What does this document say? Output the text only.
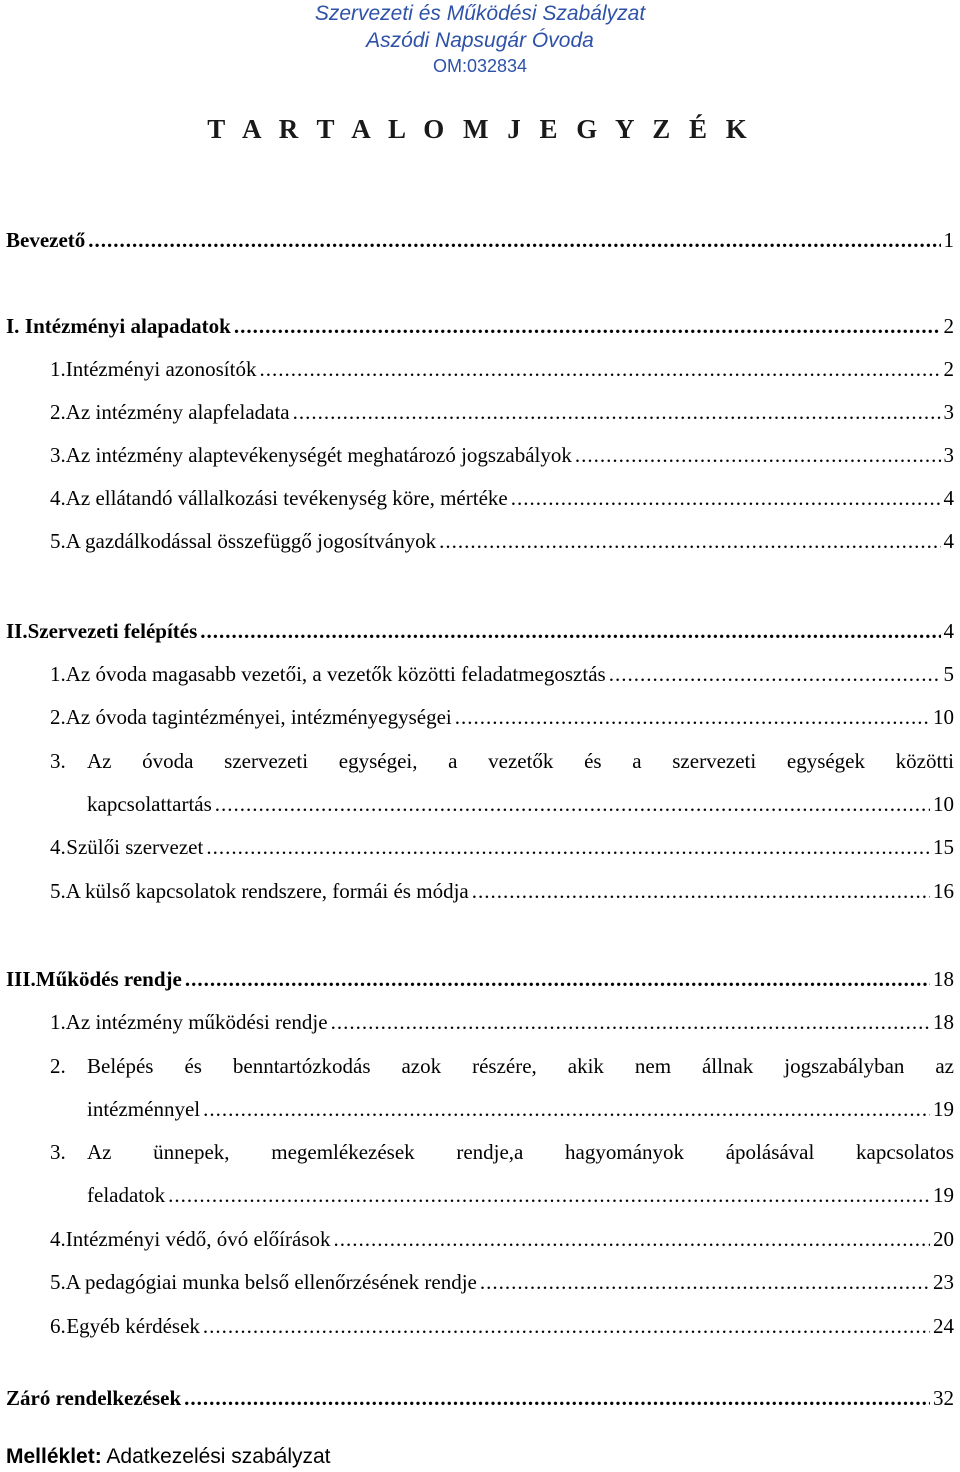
Szervezeti és Működési Szabályzat
Aszódi Napsugár Óvoda
OM:032834
T A R T A L O M J E G Y Z É K
Bevezető .....	1
I. Intézményi alapadatok .....	2
1. Intézményi azonosítók .....	2
2. Az intézmény alapfeladata .....	3
3. Az intézmény alaptevékenységét meghatározó jogszabályok .....	3
4. Az ellátandó vállalkozási tevékenység köre, mértéke .....	4
5. A gazdálkodással összefüggő jogosítványok .....	4
II. Szervezeti felépítés .....	4
1. Az óvoda magasabb vezetői, a vezetők közötti feladatmegosztás .....	5
2. Az óvoda tagintézményei, intézményegységei .....	10
3.	Az óvoda szervezeti egységei, a vezetők és a szervezeti egységek közötti
kapcsolattartás .....	10
4. Szülői szervezet .....	15
5. A külső kapcsolatok rendszere, formái és módja .....	16
III. Működés rendje .....	18
1. Az intézmény működési rendje .....	18
2.	Belépés és benntartózkodás azok részére, akik nem állnak jogszabályban az
intézménnyel .....	19
3.	Az ünnepek, megemlékezések rendje,a hagyományok ápolásával kapcsolatos
feladatok .....	19
4. Intézményi védő, óvó előírások .....	20
5. A pedagógiai munka belső ellenőrzésének rendje .....	23
6. Egyéb kérdések .....	24
Záró rendelkezések .....	32
Melléklet: Adatkezelési szabályzat
